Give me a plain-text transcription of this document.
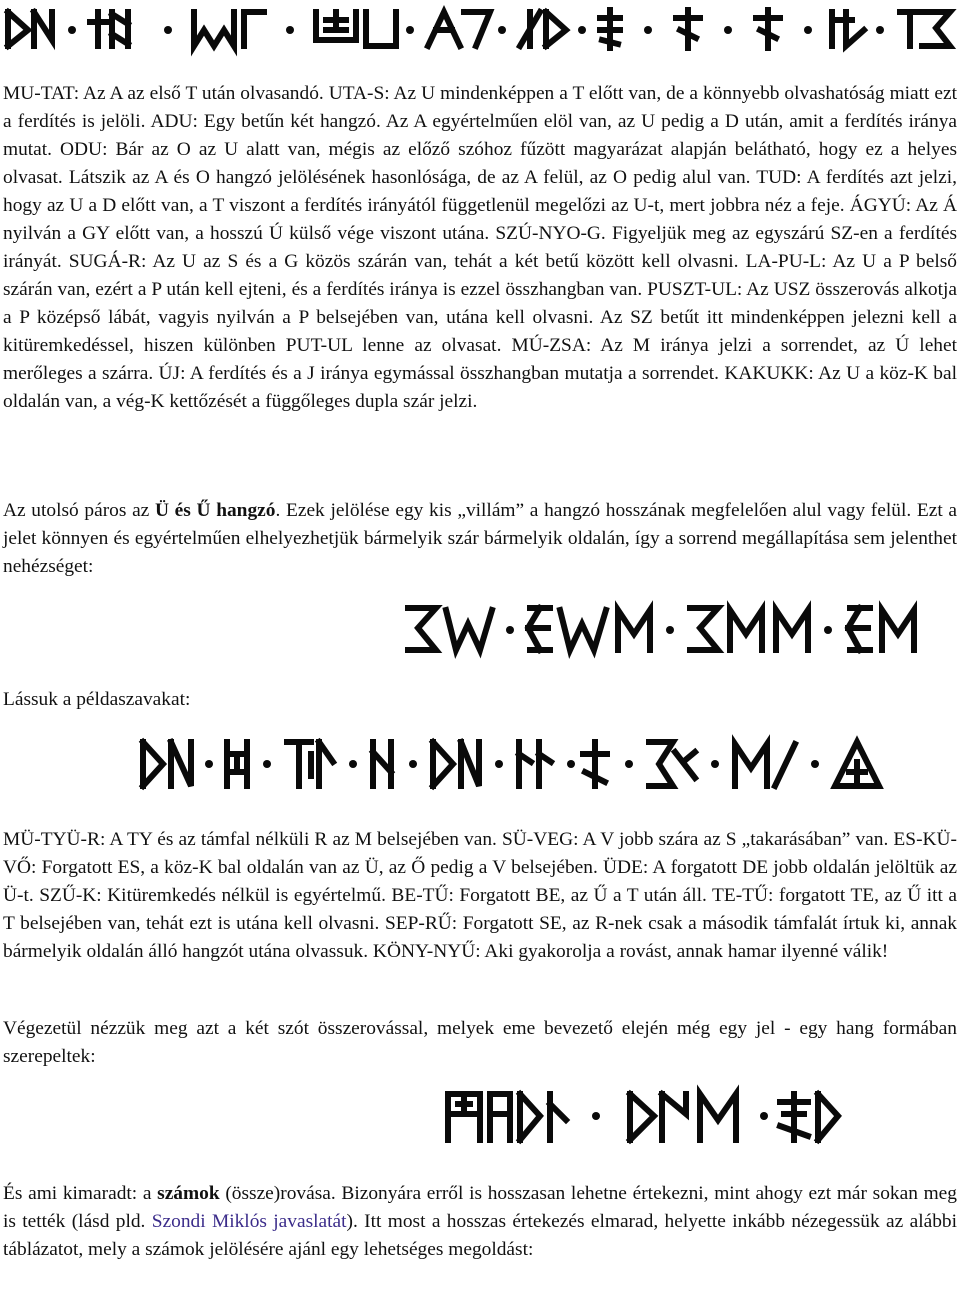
MU-TAT: Az A az első T után olvasandó. UTA-S: Az U mindenképpen a T előtt van, de a könnyebb olvashatóság miatt ezt a ferdítés is jelöli. ADU: Egy betűn két hangzó. Az A egyértelműen elöl van, az U pedig a D után, amit a ferdítés iránya mutat. ODU: Bár az O az U alatt van, mégis az előző szóhoz fűzött magyarázat alapján belátható, hogy ez a helyes olvasat. Látszik az A és O hangzó jelölésének hasonlósága, de az A felül, az O pedig alul van. TUD: A ferdítés azt jelzi, hogy az U a D előtt van, a T viszont a ferdítés irányától függetlenül megelőzi az U-t, mert jobbra néz a feje. ÁGYÚ: Az Á nyilván a GY előtt van, a hosszú Ú külső vége viszont utána. SZÚ-NYO-G. Figyeljük meg az egyszárú SZ-en a ferdítés irányát. SUGÁ-R: Az U az S és a G közös szárán van, tehát a két betű között kell olvasni. LA-PU-L: Az U a P belső szárán van, ezért a P után kell ejteni, és a ferdítés iránya is ezzel összhangban van. PUSZT-UL: Az USZ összerovás alkotja a P középső lábát, vagyis nyilván a P belsejében van, utána kell olvasni. Az SZ betűt itt mindenképpen jelezni kell a kitüremkedéssel, hiszen különben PUT-UL lenne az olvasat. MÚ-ZSA: Az M iránya jelzi a sorrendet, az Ú lehet merőleges a szárra. ÚJ: A ferdítés és a J iránya egymással összhangban mutatja a sorrendet. KAKUKK: Az U a köz-K bal oldalán van, a vég-K kettőzését a függőleges dupla szár jelzi.

Az utolsó páros az Ü és Ű hangzó. Ezek jelölése egy kis „villám” a hangzó hosszának megfelelően alul vagy felül. Ezt a jelet könnyen és egyértelműen elhelyezhetjük bármelyik szár bármelyik oldalán, így a sorrend megállapítása sem jelenthet nehézséget:

Lássuk a példaszavakat:

MÜ-TYÜ-R: A TY és az támfal nélküli R az M belsejében van. SÜ-VEG: A V jobb szára az S „takarásában” van. ES-KÜ-VŐ: Forgatott ES, a köz-K bal oldalán van az Ü, az Ő pedig a V belsejében. ÜDE: A forgatott DE jobb oldalán jelöltük az Ü-t. SZŰ-K: Kitüremkedés nélkül is egyértelmű. BE-TŰ: Forgatott BE, az Ű a T után áll. TE-TŰ: forgatott TE, az Ű itt a T belsejében van, tehát ezt is utána kell olvasni. SEP-RŰ: Forgatott SE, az R-nek csak a második támfalát írtuk ki, annak bármelyik oldalán álló hangzót utána olvassuk. KÖNY-NYŰ: Aki gyakorolja a rovást, annak hamar ilyenné válik!

Végezetül nézzük meg azt a két szót összerovással, melyek eme bevezető elején még egy jel - egy hang formában szerepeltek:

És ami kimaradt: a számok (össze)rovása. Bizonyára erről is hosszasan lehetne értekezni, mint ahogy ezt már sokan meg is tették (lásd pld. Szondi Miklós javaslatát). Itt most a hosszas értekezés elmarad, helyette inkább nézegessük az alábbi táblázatot, mely a számok jelölésére ajánl egy lehetséges megoldást:
